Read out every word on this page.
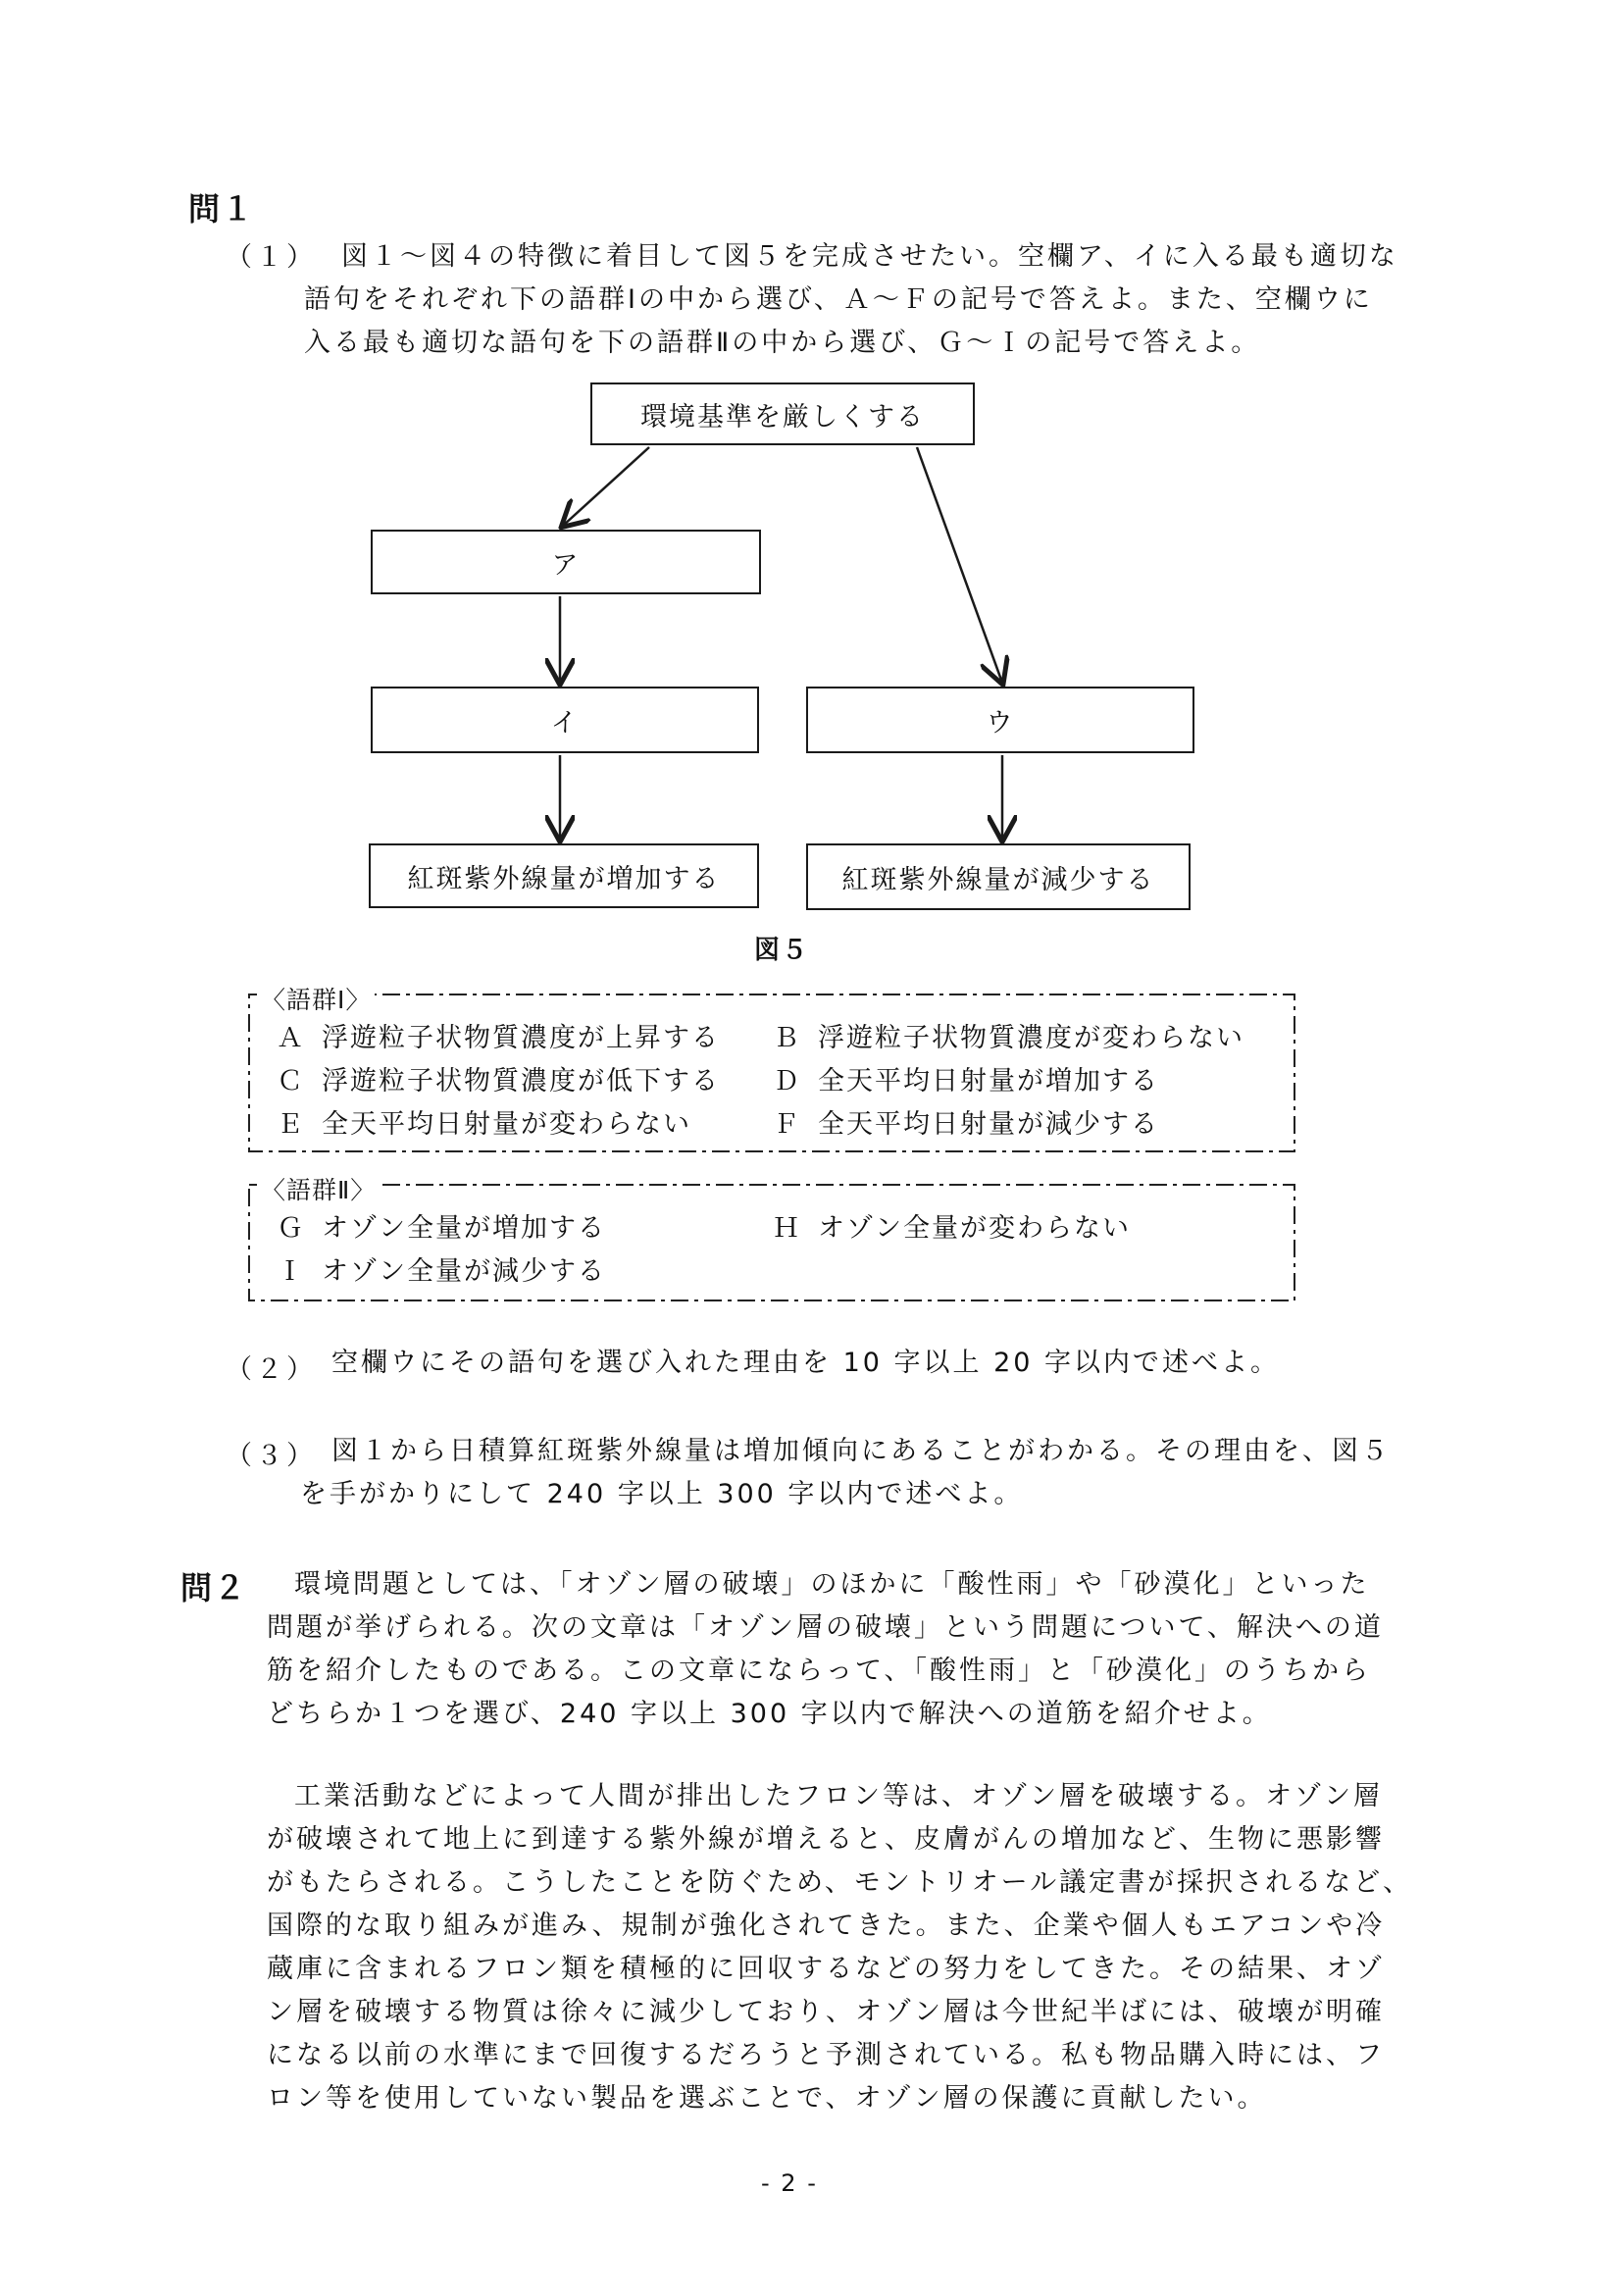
問１
（１） 図１～図４の特徴に着目して図５を完成させたい。空欄ア、イに入る最も適切な
語句をそれぞれ下の語群Ⅰの中から選び、Ａ～Ｆの記号で答えよ。また、空欄ウに
入る最も適切な語句を下の語群Ⅱの中から選び、Ｇ～Ｉの記号で答えよ。
環境基準を厳しくする
ア
イ	ウ
紅斑紫外線量が増加する	紅斑紫外線量が減少する
図５
〈語群Ⅰ〉
Ａ 浮遊粒子状物質濃度が上昇する Ｂ 浮遊粒子状物質濃度が変わらない
Ｃ 浮遊粒子状物質濃度が低下する Ｄ 全天平均日射量が増加する
Ｅ 全天平均日射量が変わらない	Ｆ 全天平均日射量が減少する
〈語群Ⅱ〉
Ｇ オゾン全量が増加する	Ｈ オゾン全量が変わらない
Ｉ オゾン全量が減少する
（２） 空欄ウにその語句を選び入れた理由を 10 字以上 20 字以内で述べよ。
（３） 図１から日積算紅斑紫外線量は増加傾向にあることがわかる。その理由を、図５
を手がかりにして 240 字以上 300 字以内で述べよ。
問２ 環境問題としては、「オゾン層の破壊」のほかに「酸性雨」や「砂漠化」といった
問題が挙げられる。次の文章は「オゾン層の破壊」という問題について、解決への道
筋を紹介したものである。この文章にならって、「酸性雨」と「砂漠化」のうちから
どちらか１つを選び、240 字以上 300 字以内で解決への道筋を紹介せよ。
工業活動などによって人間が排出したフロン等は、オゾン層を破壊する。オゾン層
が破壊されて地上に到達する紫外線が増えると、皮膚がんの増加など、生物に悪影響
がもたらされる。こうしたことを防ぐため、モントリオール議定書が採択されるなど、
国際的な取り組みが進み、規制が強化されてきた。また、企業や個人もエアコンや冷
蔵庫に含まれるフロン類を積極的に回収するなどの努力をしてきた。その結果、オゾ
ン層を破壊する物質は徐々に減少しており、オゾン層は今世紀半ばには、破壊が明確
になる以前の水準にまで回復するだろうと予測されている。私も物品購入時には、フ
ロン等を使用していない製品を選ぶことで、オゾン層の保護に貢献したい。
- 2 -
